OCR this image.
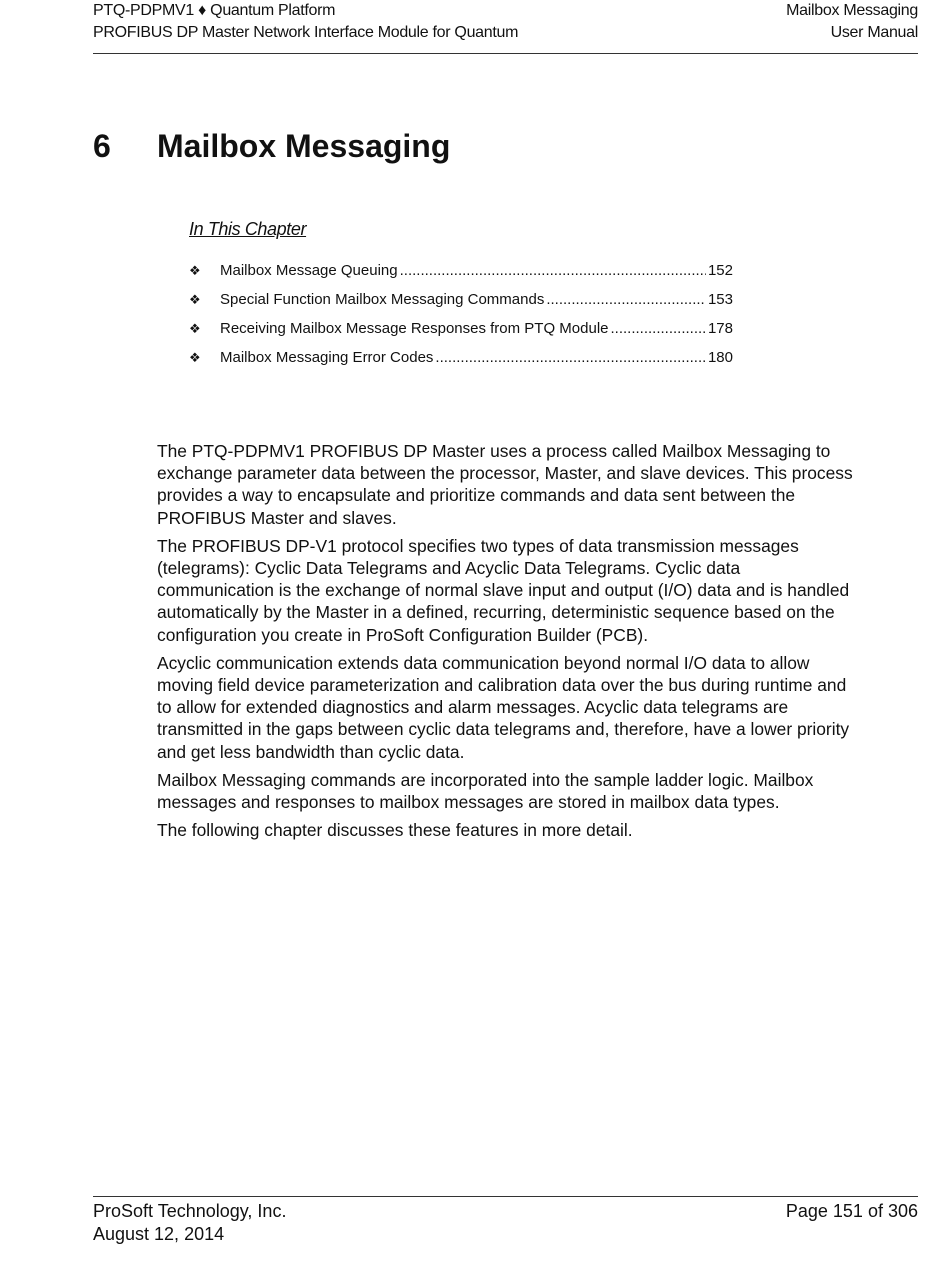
PTQ-PDPMV1 ♦ Quantum Platform
PROFIBUS DP Master Network Interface Module for Quantum
Mailbox Messaging
User Manual
6 Mailbox Messaging
In This Chapter
❖	Mailbox Message Queuing .....	152
❖	Special Function Mailbox Messaging Commands .....	153
❖	Receiving Mailbox Message Responses from PTQ Module .....	178
❖	Mailbox Messaging Error Codes .....	180

The PTQ-PDPMV1 PROFIBUS DP Master uses a process called Mailbox Messaging to exchange parameter data between the processor, Master, and slave devices. This process provides a way to encapsulate and prioritize commands and data sent between the PROFIBUS Master and slaves.

The PROFIBUS DP-V1 protocol specifies two types of data transmission messages (telegrams): Cyclic Data Telegrams and Acyclic Data Telegrams. Cyclic data communication is the exchange of normal slave input and output (I/O) data and is handled automatically by the Master in a defined, recurring, deterministic sequence based on the configuration you create in ProSoft Configuration Builder (PCB).

Acyclic communication extends data communication beyond normal I/O data to allow moving field device parameterization and calibration data over the bus during runtime and to allow for extended diagnostics and alarm messages. Acyclic data telegrams are transmitted in the gaps between cyclic data telegrams and, therefore, have a lower priority and get less bandwidth than cyclic data.

Mailbox Messaging commands are incorporated into the sample ladder logic. Mailbox messages and responses to mailbox messages are stored in mailbox data types.

The following chapter discusses these features in more detail.

ProSoft Technology, Inc.
August 12, 2014
Page 151 of 306
